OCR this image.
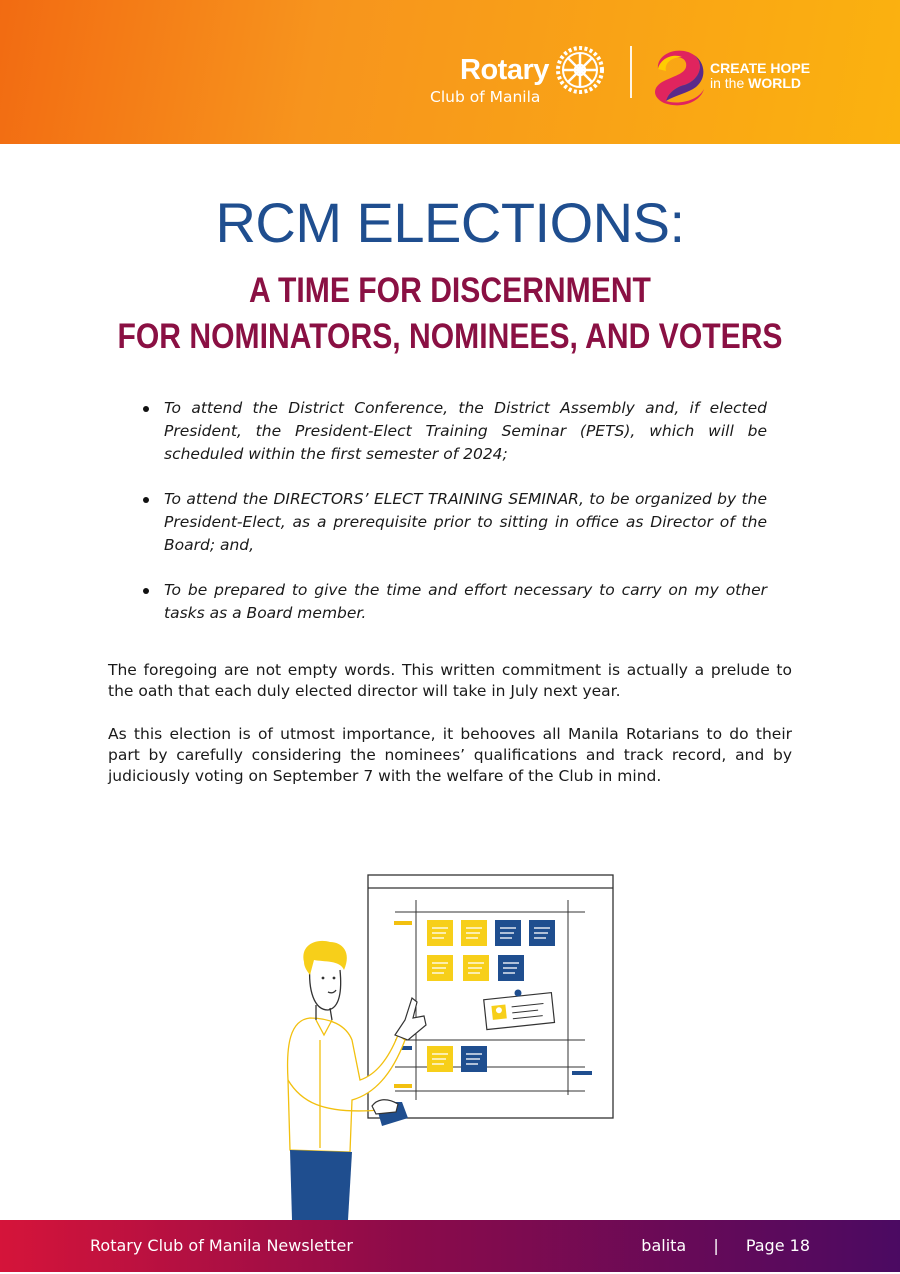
Rotary
Club of Manila
CREATE HOPE
in the WORLD
RCM ELECTIONS:
A TIME FOR DISCERNMENT
FOR NOMINATORS, NOMINEES, AND VOTERS
To attend the District Conference, the District Assembly and, if elected President, the President-Elect Training Seminar (PETS), which will be scheduled within the first semester of 2024;
To attend the DIRECTORS’ ELECT TRAINING SEMINAR, to be organized by the President-Elect, as a prerequisite prior to sitting in office as Director of the Board; and,
To be prepared to give the time and effort necessary to carry on my other tasks as a Board member.

The foregoing are not empty words. This written commitment is actually a prelude to the oath that each duly elected director will take in July next year.

As this election is of utmost importance, it behooves all Manila Rotarians to do their part by carefully considering the nominees’ qualifications and track record, and by judiciously voting on September 7 with the welfare of the Club in mind.

Rotary Club of Manila Newsletter	balita | Page 18
